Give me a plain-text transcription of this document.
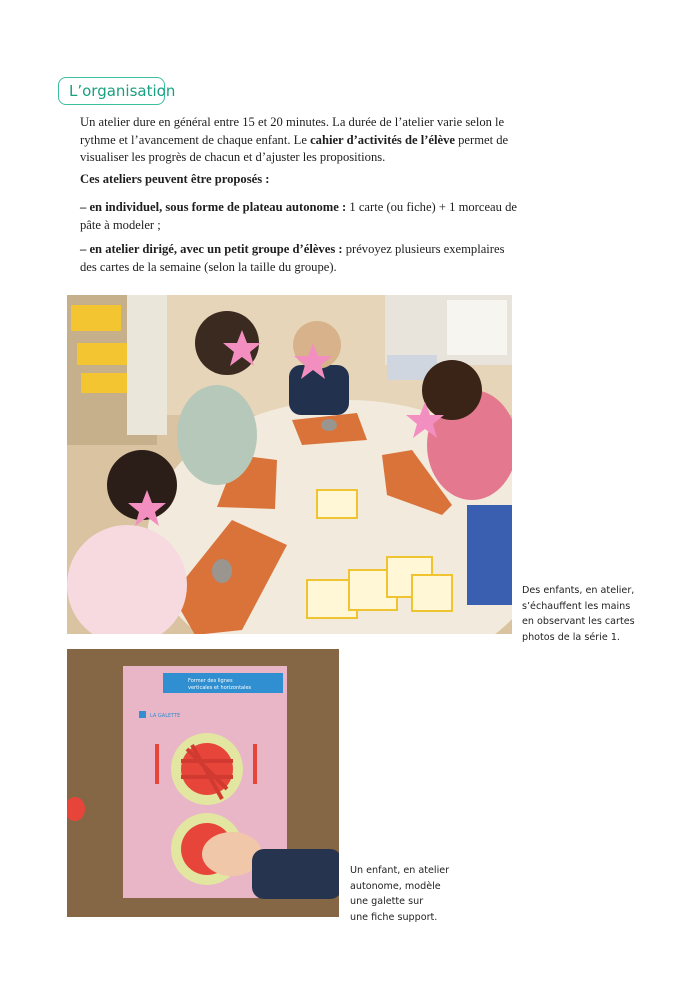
L’organisation
Un atelier dure en général entre 15 et 20 minutes. La durée de l’atelier varie selon le rythme et l’avancement de chaque enfant. Le cahier d’activités de l’élève permet de visualiser les progrès de chacun et d’ajuster les propositions.
Ces ateliers peuvent être proposés :
– en individuel, sous forme de plateau autonome : 1 carte (ou fiche) + 1 morceau de pâte à modeler ;
– en atelier dirigé, avec un petit groupe d’élèves : prévoyez plusieurs exemplaires des cartes de la semaine (selon la taille du groupe).
Des enfants, en atelier,
s’échauffent les mains
en observant les cartes
photos de la série 1.
Former des lignes
verticales et horizontales
LA GALETTE
Un enfant, en atelier
autonome, modèle
une galette sur
une fiche support.
